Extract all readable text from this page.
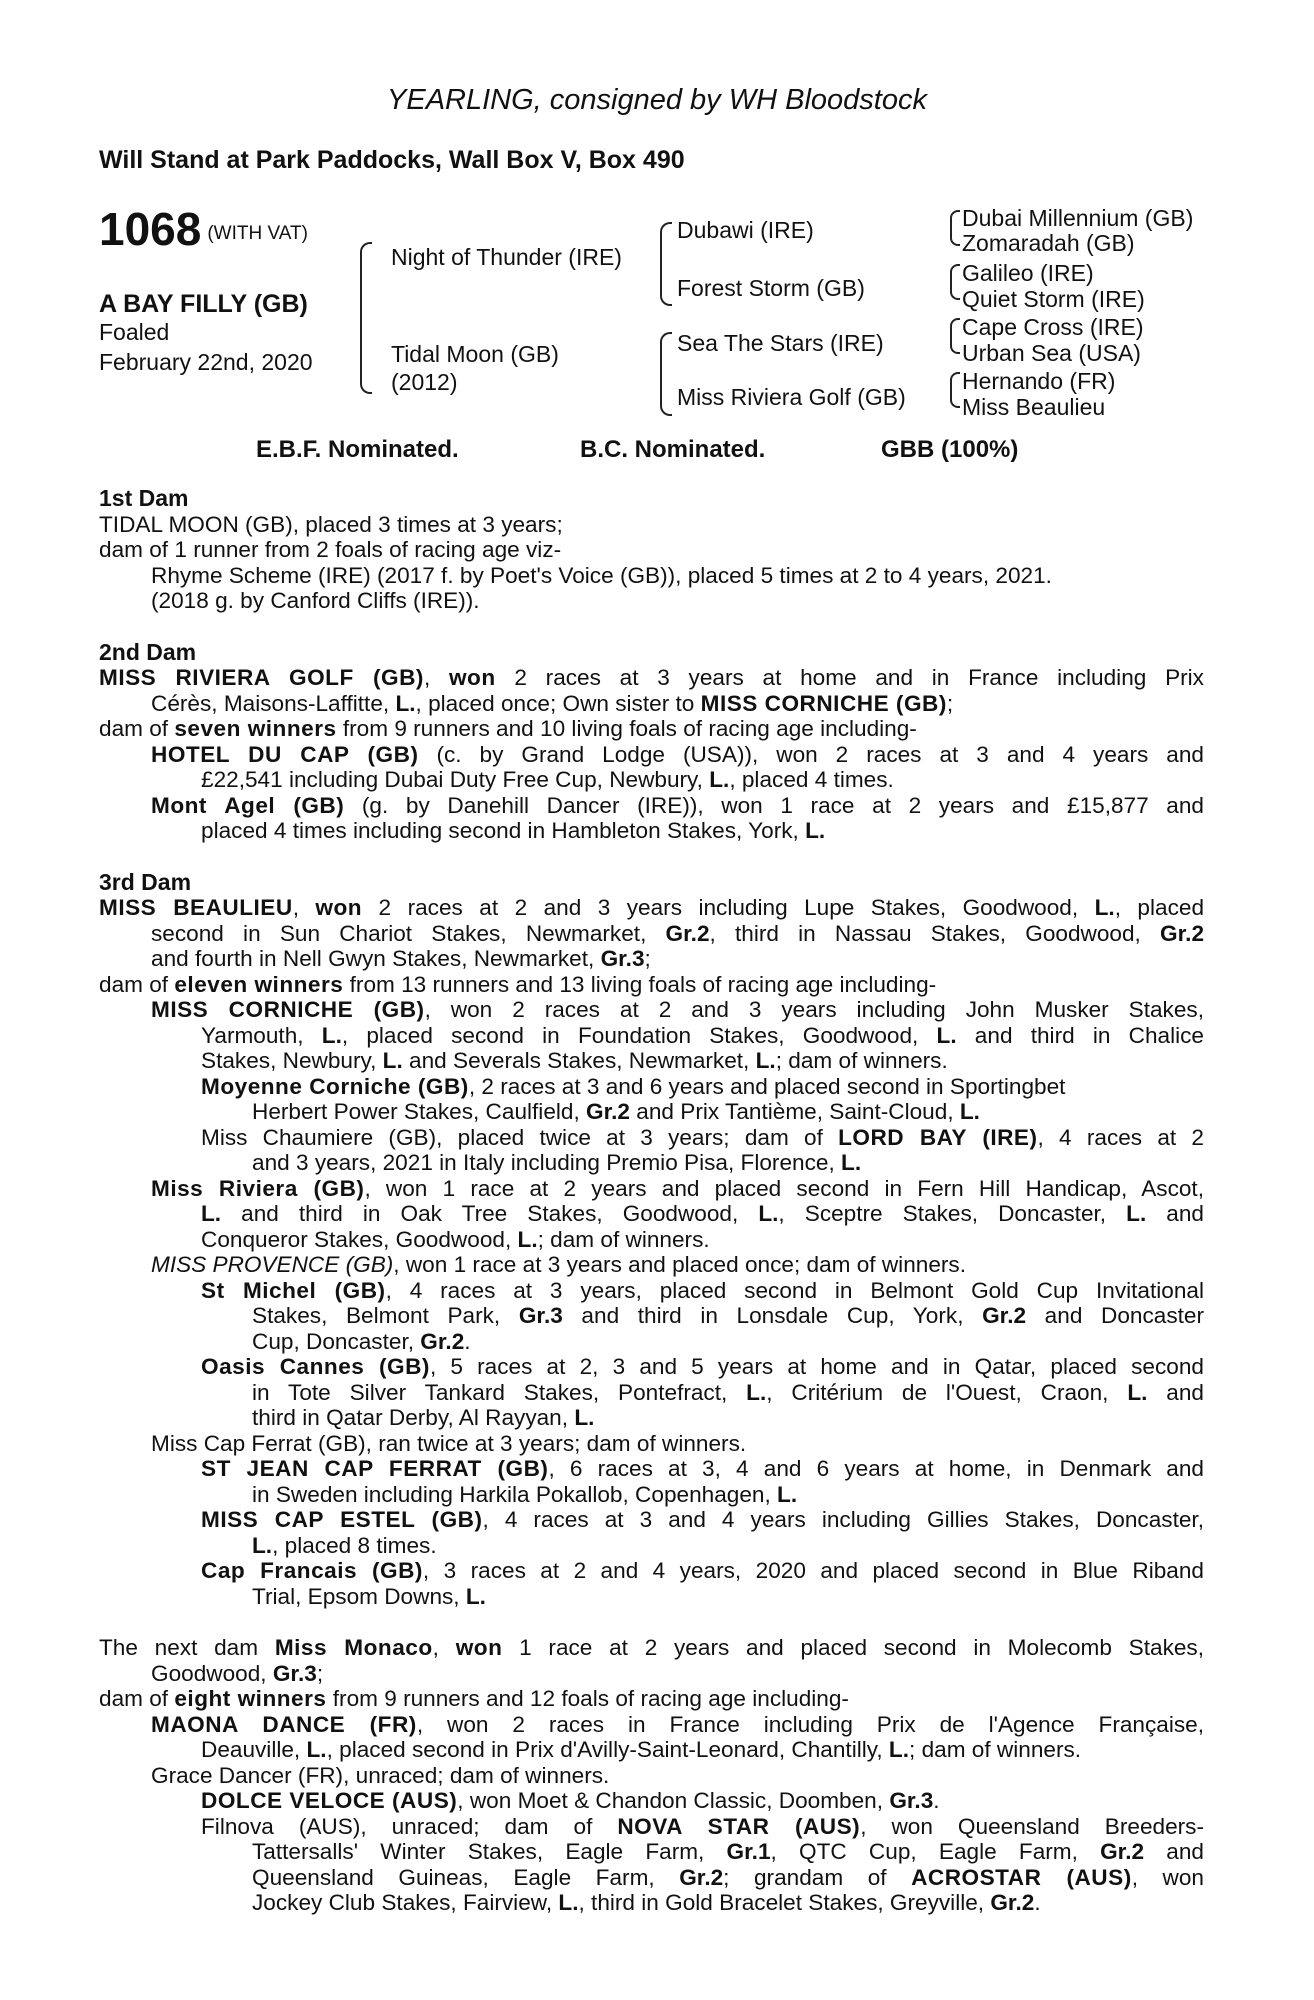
YEARLING, consigned by WH Bloodstock
Will Stand at Park Paddocks, Wall Box V, Box 490
1068 (WITH VAT)
A BAY FILLY (GB)
Foaled
February 22nd, 2020
Night of Thunder (IRE)
Tidal Moon (GB)
(2012)
Dubawi (IRE)
Forest Storm (GB)
Sea The Stars (IRE)
Miss Riviera Golf (GB)
Dubai Millennium (GB)
Zomaradah (GB)
Galileo (IRE)
Quiet Storm (IRE)
Cape Cross (IRE)
Urban Sea (USA)
Hernando (FR)
Miss Beaulieu
E.B.F. Nominated.	B.C. Nominated.	GBB (100%)
1st Dam
TIDAL MOON (GB), placed 3 times at 3 years;
dam of 1 runner from 2 foals of racing age viz-
Rhyme Scheme (IRE) (2017 f. by Poet's Voice (GB)), placed 5 times at 2 to 4 years, 2021.
(2018 g. by Canford Cliffs (IRE)).
2nd Dam
MISS RIVIERA GOLF (GB), won 2 races at 3 years at home and in France including Prix
Cérès, Maisons-Laffitte, L., placed once; Own sister to MISS CORNICHE (GB);
dam of seven winners from 9 runners and 10 living foals of racing age including-
HOTEL DU CAP (GB) (c. by Grand Lodge (USA)), won 2 races at 3 and 4 years and
£22,541 including Dubai Duty Free Cup, Newbury, L., placed 4 times.
Mont Agel (GB) (g. by Danehill Dancer (IRE)), won 1 race at 2 years and £15,877 and
placed 4 times including second in Hambleton Stakes, York, L.
3rd Dam
MISS BEAULIEU, won 2 races at 2 and 3 years including Lupe Stakes, Goodwood, L., placed
second in Sun Chariot Stakes, Newmarket, Gr.2, third in Nassau Stakes, Goodwood, Gr.2
and fourth in Nell Gwyn Stakes, Newmarket, Gr.3;
dam of eleven winners from 13 runners and 13 living foals of racing age including-
MISS CORNICHE (GB), won 2 races at 2 and 3 years including John Musker Stakes,
Yarmouth, L., placed second in Foundation Stakes, Goodwood, L. and third in Chalice
Stakes, Newbury, L. and Severals Stakes, Newmarket, L.; dam of winners.
Moyenne Corniche (GB), 2 races at 3 and 6 years and placed second in Sportingbet
Herbert Power Stakes, Caulfield, Gr.2 and Prix Tantième, Saint-Cloud, L.
Miss Chaumiere (GB), placed twice at 3 years; dam of LORD BAY (IRE), 4 races at 2
and 3 years, 2021 in Italy including Premio Pisa, Florence, L.
Miss Riviera (GB), won 1 race at 2 years and placed second in Fern Hill Handicap, Ascot,
L. and third in Oak Tree Stakes, Goodwood, L., Sceptre Stakes, Doncaster, L. and
Conqueror Stakes, Goodwood, L.; dam of winners.
MISS PROVENCE (GB), won 1 race at 3 years and placed once; dam of winners.
St Michel (GB), 4 races at 3 years, placed second in Belmont Gold Cup Invitational
Stakes, Belmont Park, Gr.3 and third in Lonsdale Cup, York, Gr.2 and Doncaster
Cup, Doncaster, Gr.2.
Oasis Cannes (GB), 5 races at 2, 3 and 5 years at home and in Qatar, placed second
in Tote Silver Tankard Stakes, Pontefract, L., Critérium de l'Ouest, Craon, L. and
third in Qatar Derby, Al Rayyan, L.
Miss Cap Ferrat (GB), ran twice at 3 years; dam of winners.
ST JEAN CAP FERRAT (GB), 6 races at 3, 4 and 6 years at home, in Denmark and
in Sweden including Harkila Pokallob, Copenhagen, L.
MISS CAP ESTEL (GB), 4 races at 3 and 4 years including Gillies Stakes, Doncaster,
L., placed 8 times.
Cap Francais (GB), 3 races at 2 and 4 years, 2020 and placed second in Blue Riband
Trial, Epsom Downs, L.
The next dam Miss Monaco, won 1 race at 2 years and placed second in Molecomb Stakes,
Goodwood, Gr.3;
dam of eight winners from 9 runners and 12 foals of racing age including-
MAONA DANCE (FR), won 2 races in France including Prix de l'Agence Française,
Deauville, L., placed second in Prix d'Avilly-Saint-Leonard, Chantilly, L.; dam of winners.
Grace Dancer (FR), unraced; dam of winners.
DOLCE VELOCE (AUS), won Moet & Chandon Classic, Doomben, Gr.3.
Filnova (AUS), unraced; dam of NOVA STAR (AUS), won Queensland Breeders-
Tattersalls' Winter Stakes, Eagle Farm, Gr.1, QTC Cup, Eagle Farm, Gr.2 and
Queensland Guineas, Eagle Farm, Gr.2; grandam of ACROSTAR (AUS), won
Jockey Club Stakes, Fairview, L., third in Gold Bracelet Stakes, Greyville, Gr.2.
